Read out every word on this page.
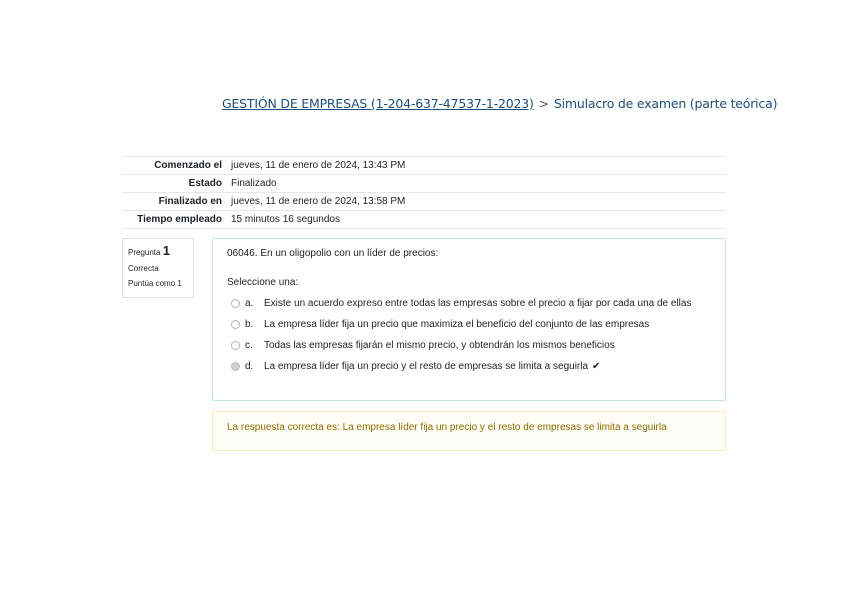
GESTIÓN DE EMPRESAS (1-204-637-47537-1-2023) > Simulacro de examen (parte teórica)
Comenzado el	jueves, 11 de enero de 2024, 13:43 PM
Estado	Finalizado
Finalizado en	jueves, 11 de enero de 2024, 13:58 PM
Tiempo empleado	15 minutos 16 segundos
Pregunta 1
Correcta
Puntúa como 1
06046. En un oligopolio con un líder de precios:
Seleccione una:
a.	Existe un acuerdo expreso entre todas las empresas sobre el precio a fijar por cada una de ellas
b.	La empresa líder fija un precio que maximiza el beneficio del conjunto de las empresas
c.	Todas las empresas fijarán el mismo precio, y obtendrán los mismos beneficios
d.	La empresa líder fija un precio y el resto de empresas se limita a seguirla ✔
La respuesta correcta es: La empresa líder fija un precio y el resto de empresas se limita a seguirla
